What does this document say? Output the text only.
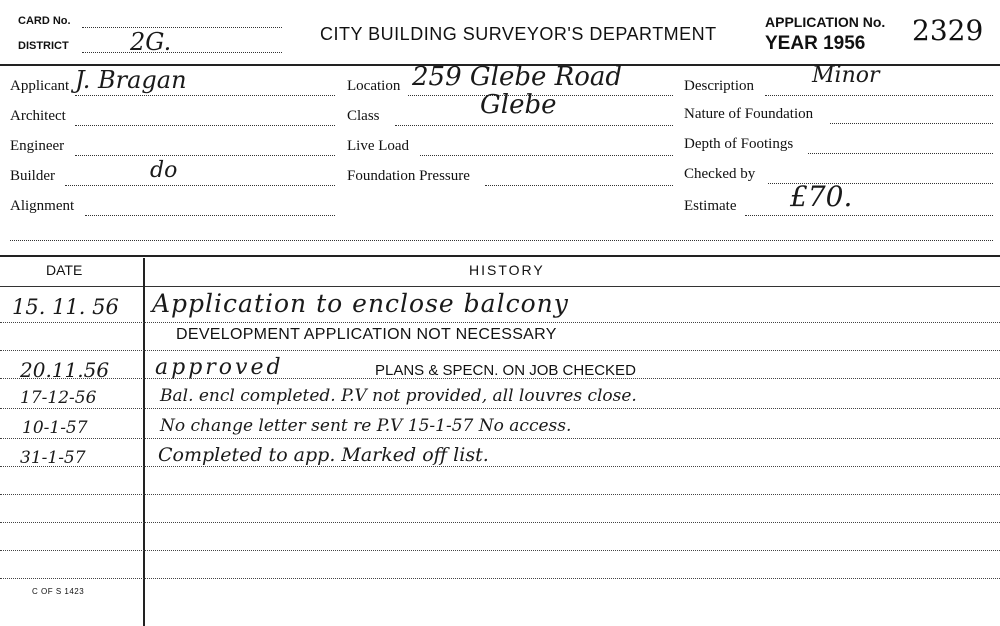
CARD No.
DISTRICT	2G.	CITY BUILDING SURVEYOR'S DEPARTMENT
APPLICATION No.
YEAR 1956 2329
Applicant J. Bragan
Architect
Engineer
Builder	do
Alignment
Location 259 Glebe Road
Class	Glebe
Live Load
Foundation Pressure
Description	Minor
Nature of Foundation
Depth of Footings
Checked by
Estimate £70.
DATE	HISTORY
15. 11. 56 Application to enclose balcony
DEVELOPMENT APPLICATION NOT NECESSARY
20.11.56 approved	PLANS & SPECN. ON JOB CHECKED
17-12-56	Bal. encl completed. P.V not provided, all louvres close.
10-1-57	No change letter sent re P.V 15-1-57 No access.
31-1-57	Completed to app. Marked off list.
C OF S 1423
